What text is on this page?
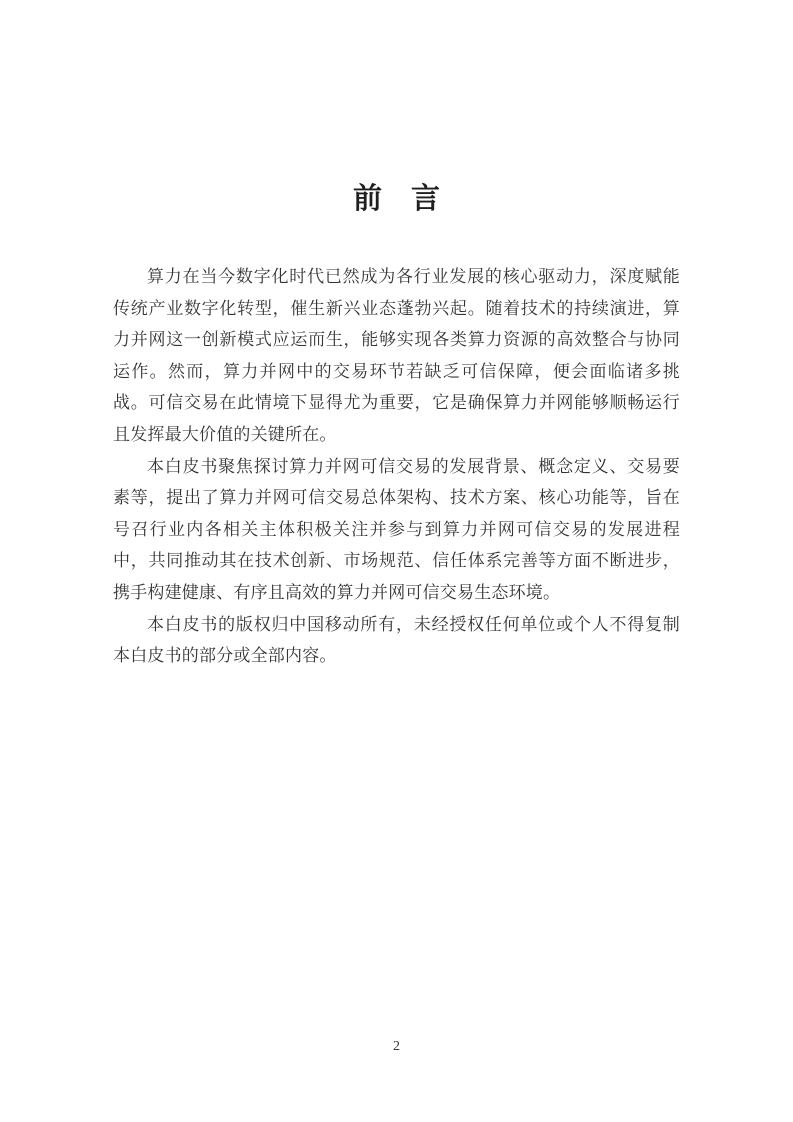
前　言

算力在当今数字化时代已然成为各行业发展的核心驱动力，深度赋能传统产业数字化转型，催生新兴业态蓬勃兴起。随着技术的持续演进，算力并网这一创新模式应运而生，能够实现各类算力资源的高效整合与协同运作。然而，算力并网中的交易环节若缺乏可信保障，便会面临诸多挑战。可信交易在此情境下显得尤为重要，它是确保算力并网能够顺畅运行且发挥最大价值的关键所在。

本白皮书聚焦探讨算力并网可信交易的发展背景、概念定义、交易要素等，提出了算力并网可信交易总体架构、技术方案、核心功能等，旨在号召行业内各相关主体积极关注并参与到算力并网可信交易的发展进程中，共同推动其在技术创新、市场规范、信任体系完善等方面不断进步，携手构建健康、有序且高效的算力并网可信交易生态环境。

本白皮书的版权归中国移动所有，未经授权任何单位或个人不得复制本白皮书的部分或全部内容。

2
